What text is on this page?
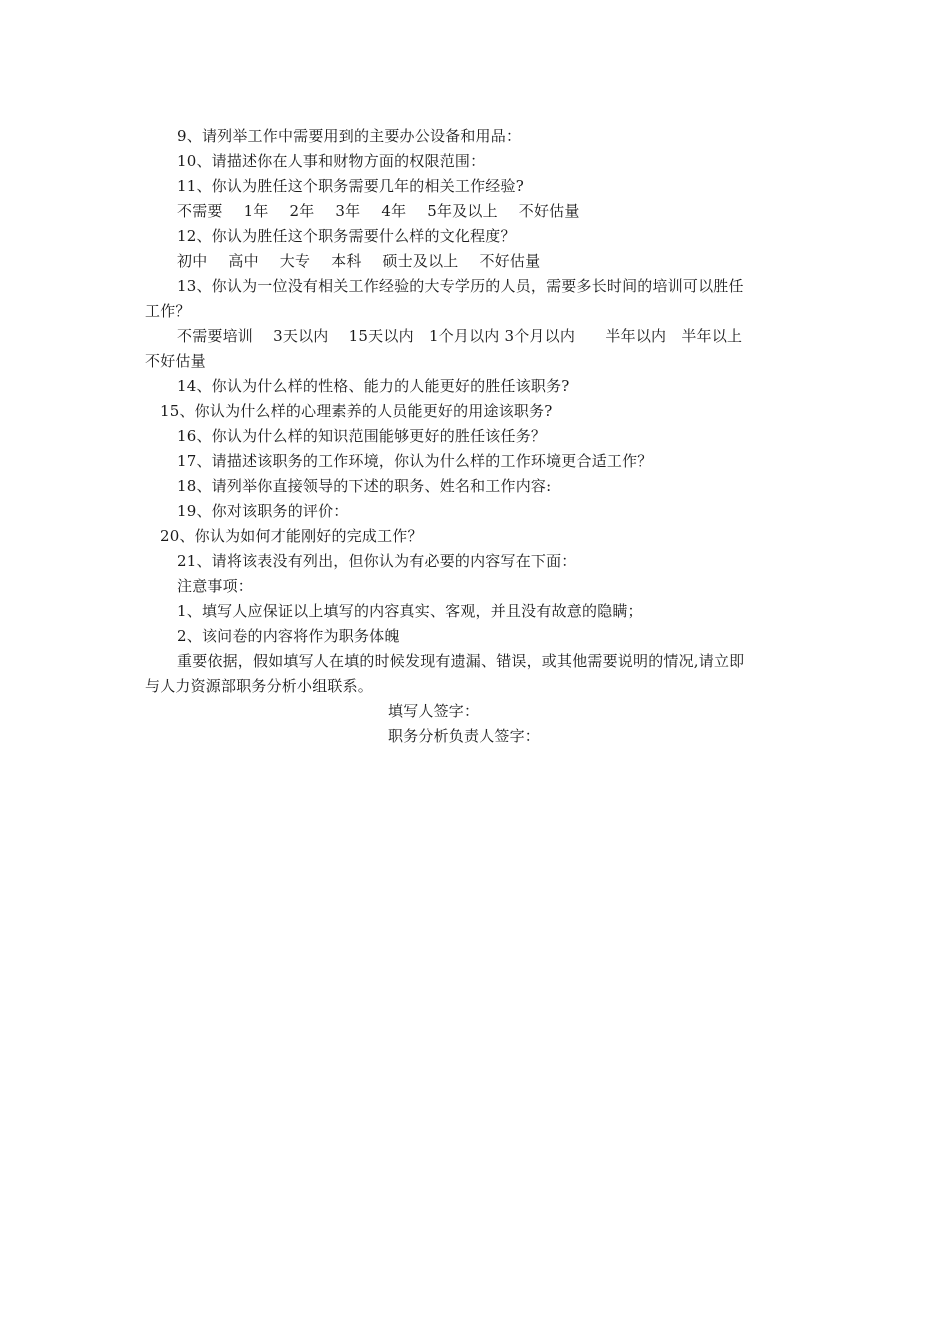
9、请列举工作中需要用到的主要办公设备和用品：
10、请描述你在人事和财物方面的权限范围：
11、你认为胜任这个职务需要几年的相关工作经验?
不需要 1年 2年 3年 4年 5年及以上 不好估量
12、你认为胜任这个职务需要什么样的文化程度？
初中 高中 大专 本科 硕士及以上 不好估量
13、你认为一位没有相关工作经验的大专学历的人员，需要多长时间的培训可以胜任
工作？
不需要培训　 3天以内　 15天以内　1个月以内 3个月以内　　半年以内　半年以上
不好估量
14、你认为什么样的性格、能力的人能更好的胜任该职务?
15、你认为什么样的心理素养的人员能更好的用途该职务?
16、你认为什么样的知识范围能够更好的胜任该任务？
17、请描述该职务的工作环境，你认为什么样的工作环境更合适工作？
18、请列举你直接领导的下述的职务、姓名和工作内容:
19、你对该职务的评价：
20、你认为如何才能刚好的完成工作？
21、请将该表没有列出，但你认为有必要的内容写在下面：
注意事项：
1、填写人应保证以上填写的内容真实、客观，并且没有故意的隐瞒；
2、该问卷的内容将作为职务体魄
重要依据，假如填写人在填的时候发现有遗漏、错误，或其他需要说明的情况,请立即
与人力资源部职务分析小组联系。
填写人签字：
职务分析负责人签字：
